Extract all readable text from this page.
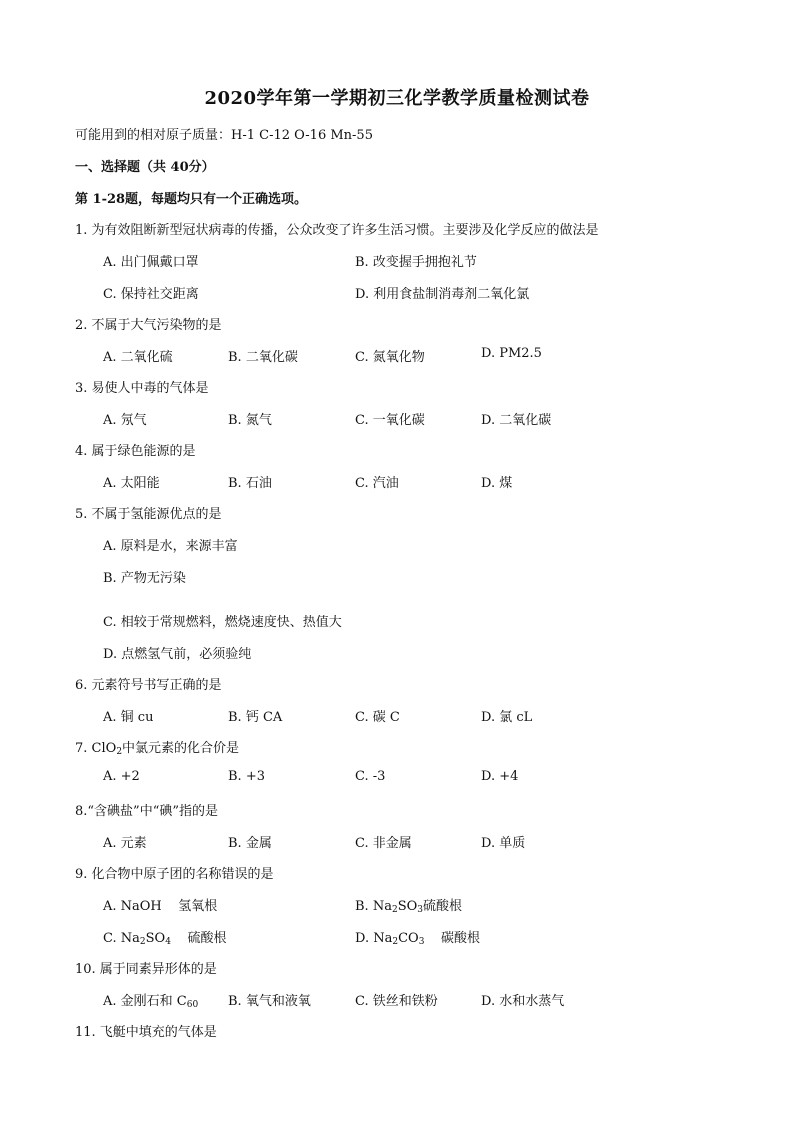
2020学年第一学期初三化学教学质量检测试卷
可能用到的相对原子质量：H-1 C-12 O-16 Mn-55
一、选择题（共 40分）
第 1-28题，每题均只有一个正确选项。
1. 为有效阻断新型冠状病毒的传播，公众改变了许多生活习惯。主要涉及化学反应的做法是
A. 出门佩戴口罩	B. 改变握手拥抱礼节
C. 保持社交距离	D. 利用食盐制消毒剂二氧化氯
2. 不属于大气污染物的是
A. 二氧化硫	B. 二氧化碳	C. 氮氧化物	D. PM2.5
3. 易使人中毒的气体是
A. 氖气	B. 氮气	C. 一氧化碳	D. 二氧化碳
4. 属于绿色能源的是
A. 太阳能	B. 石油	C. 汽油	D. 煤
5. 不属于氢能源优点的是
A. 原料是水，来源丰富
B. 产物无污染
C. 相较于常规燃料，燃烧速度快、热值大
D. 点燃氢气前，必须验纯
6. 元素符号书写正确的是
A. 铜 cu	B. 钙 CA	C. 碳 C	D. 氯 cL
7. ClO$_2$中氯元素的化合价是
A. +2	B. +3	C. -3	D. +4
8.“含碘盐”中“碘”指的是
A. 元素	B. 金属	C. 非金属	D. 单质
9. 化合物中原子团的名称错误的是
A. NaOH    氢氧根	B. $Na_2SO_3$硫酸根
C. $Na_2SO_4$    硫酸根	D. $Na_2CO_3$    碳酸根
10. 属于同素异形体的是
A. 金刚石和 $C_{60}$ B. 氧气和液氧	C. 铁丝和铁粉	D. 水和水蒸气
11. 飞艇中填充的气体是
